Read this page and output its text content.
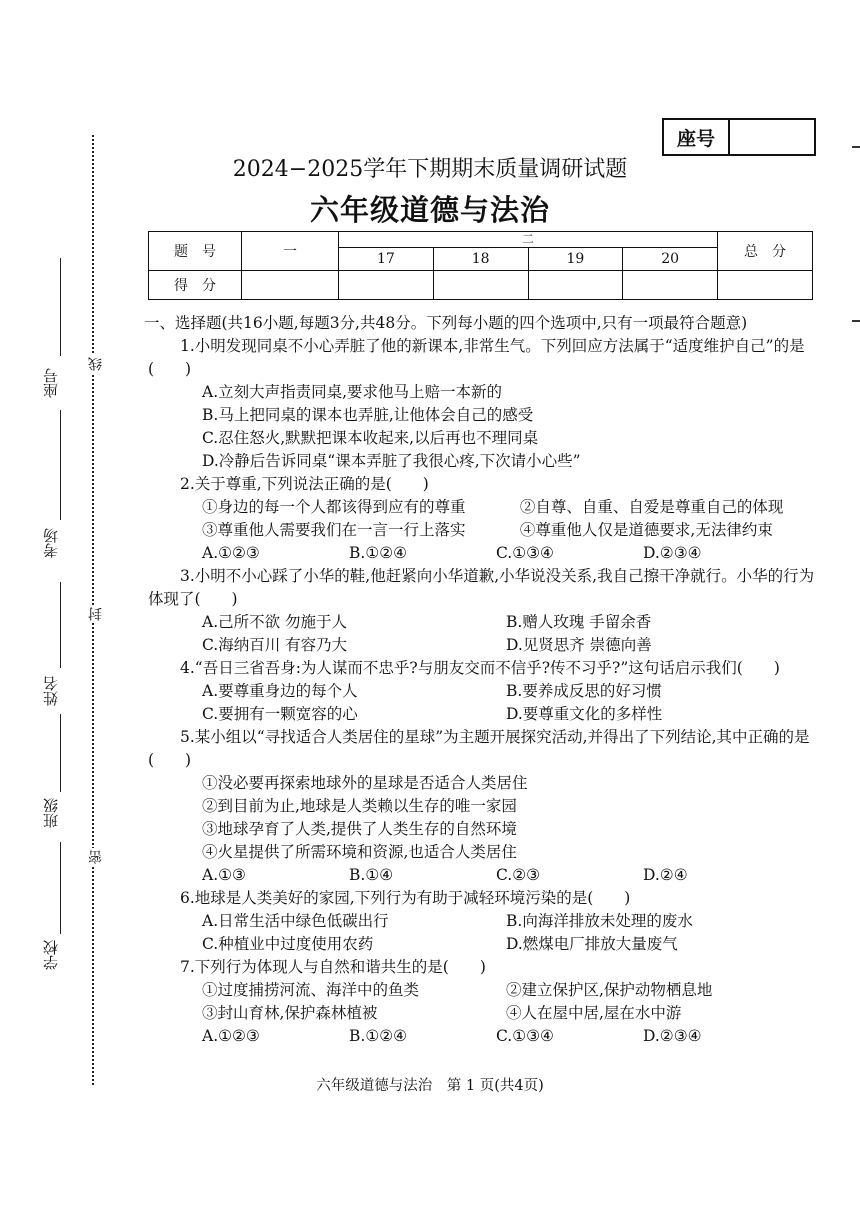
座号
线
封
密
座号
考场
姓名
班级
学校
2024−2025学年下期期末质量调研试题
六年级道德与法治
题　号	一	二				总　分
		17	18	19	20	
得　分						
一、选择题(共16小题,每题3分,共48分。下列每小题的四个选项中,只有一项最符合题意)

1.小明发现同桌不小心弄脏了他的新课本,非常生气。下列回应方法属于“适度维护自己”的是(　　)

A.立刻大声指责同桌,要求他马上赔一本新的

B.马上把同桌的课本也弄脏,让他体会自己的感受

C.忍住怒火,默默把课本收起来,以后再也不理同桌

D.冷静后告诉同桌“课本弄脏了我很心疼,下次请小心些”

2.关于尊重,下列说法正确的是(　　)

①身边的每一个人都该得到应有的尊重	②自尊、自重、自爱是尊重自己的体现
③尊重他人需要我们在一言一行上落实	④尊重他人仅是道德要求,无法律约束
A.①②③	B.①②④	C.①③④	D.②③④

3.小明不小心踩了小华的鞋,他赶紧向小华道歉,小华说没关系,我自己擦干净就行。小华的行为体现了(　　)

A.己所不欲 勿施于人	B.赠人玫瑰 手留余香
C.海纳百川 有容乃大	D.见贤思齐 崇德向善

4.“吾日三省吾身:为人谋而不忠乎?与朋友交而不信乎?传不习乎?”这句话启示我们(　　)

A.要尊重身边的每个人	B.要养成反思的好习惯
C.要拥有一颗宽容的心	D.要尊重文化的多样性

5.某小组以“寻找适合人类居住的星球”为主题开展探究活动,并得出了下列结论,其中正确的是(　　)

①没必要再探索地球外的星球是否适合人类居住

②到目前为止,地球是人类赖以生存的唯一家园

③地球孕育了人类,提供了人类生存的自然环境

④火星提供了所需环境和资源,也适合人类居住

A.①③	B.①④	C.②③	D.②④

6.地球是人类美好的家园,下列行为有助于减轻环境污染的是(　　)

A.日常生活中绿色低碳出行	B.向海洋排放未处理的废水
C.种植业中过度使用农药	D.燃煤电厂排放大量废气

7.下列行为体现人与自然和谐共生的是(　　)

①过度捕捞河流、海洋中的鱼类	②建立保护区,保护动物栖息地
③封山育林,保护森林植被	④人在屋中居,屋在水中游
A.①②③	B.①②④	C.①③④	D.②③④
六年级道德与法治　第 1 页(共4页)
